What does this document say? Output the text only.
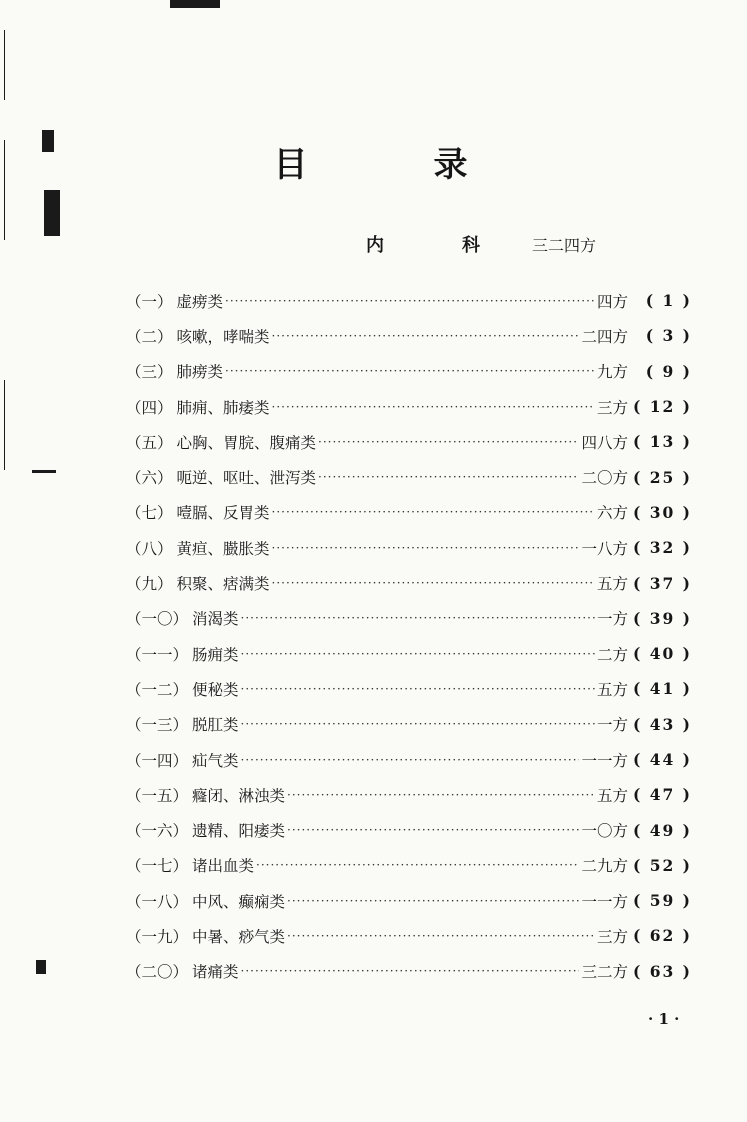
目　录
内　科 三二四方
（一） 虚痨类 ·····	四方	( 1 )
（二） 咳嗽，哮喘类 ·····	二四方	( 3 )
（三） 肺痨类 ·····	九方	( 9 )
（四） 肺痈、肺痿类 ·····	三方 ( 12 )
（五） 心胸、胃脘、腹痛类 ·····	四八方 ( 13 )
（六） 呃逆、呕吐、泄泻类 ·····	二〇方 ( 25 )
（七） 噎膈、反胃类 ·····	六方 ( 30 )
（八） 黄疸、臌胀类 ·····	一八方 ( 32 )
（九） 积聚、痞满类 ·····	五方 ( 37 )
（一〇） 消渴类 ·····	一方 ( 39 )
（一一） 肠痈类 ·····	二方 ( 40 )
（一二） 便秘类 ·····	五方 ( 41 )
（一三） 脱肛类 ·····	一方 ( 43 )
（一四） 疝气类 ·····	一一方 ( 44 )
（一五） 癃闭、淋浊类 ·····	五方 ( 47 )
（一六） 遗精、阳痿类 ·····	一〇方 ( 49 )
（一七） 诸出血类 ·····	二九方 ( 52 )
（一八） 中风、癫痫类 ·····	一一方 ( 59 )
（一九） 中暑、痧气类 ·····	三方 ( 62 )
（二〇） 诸痛类 ·····	三二方 ( 63 )
· 1 ·
